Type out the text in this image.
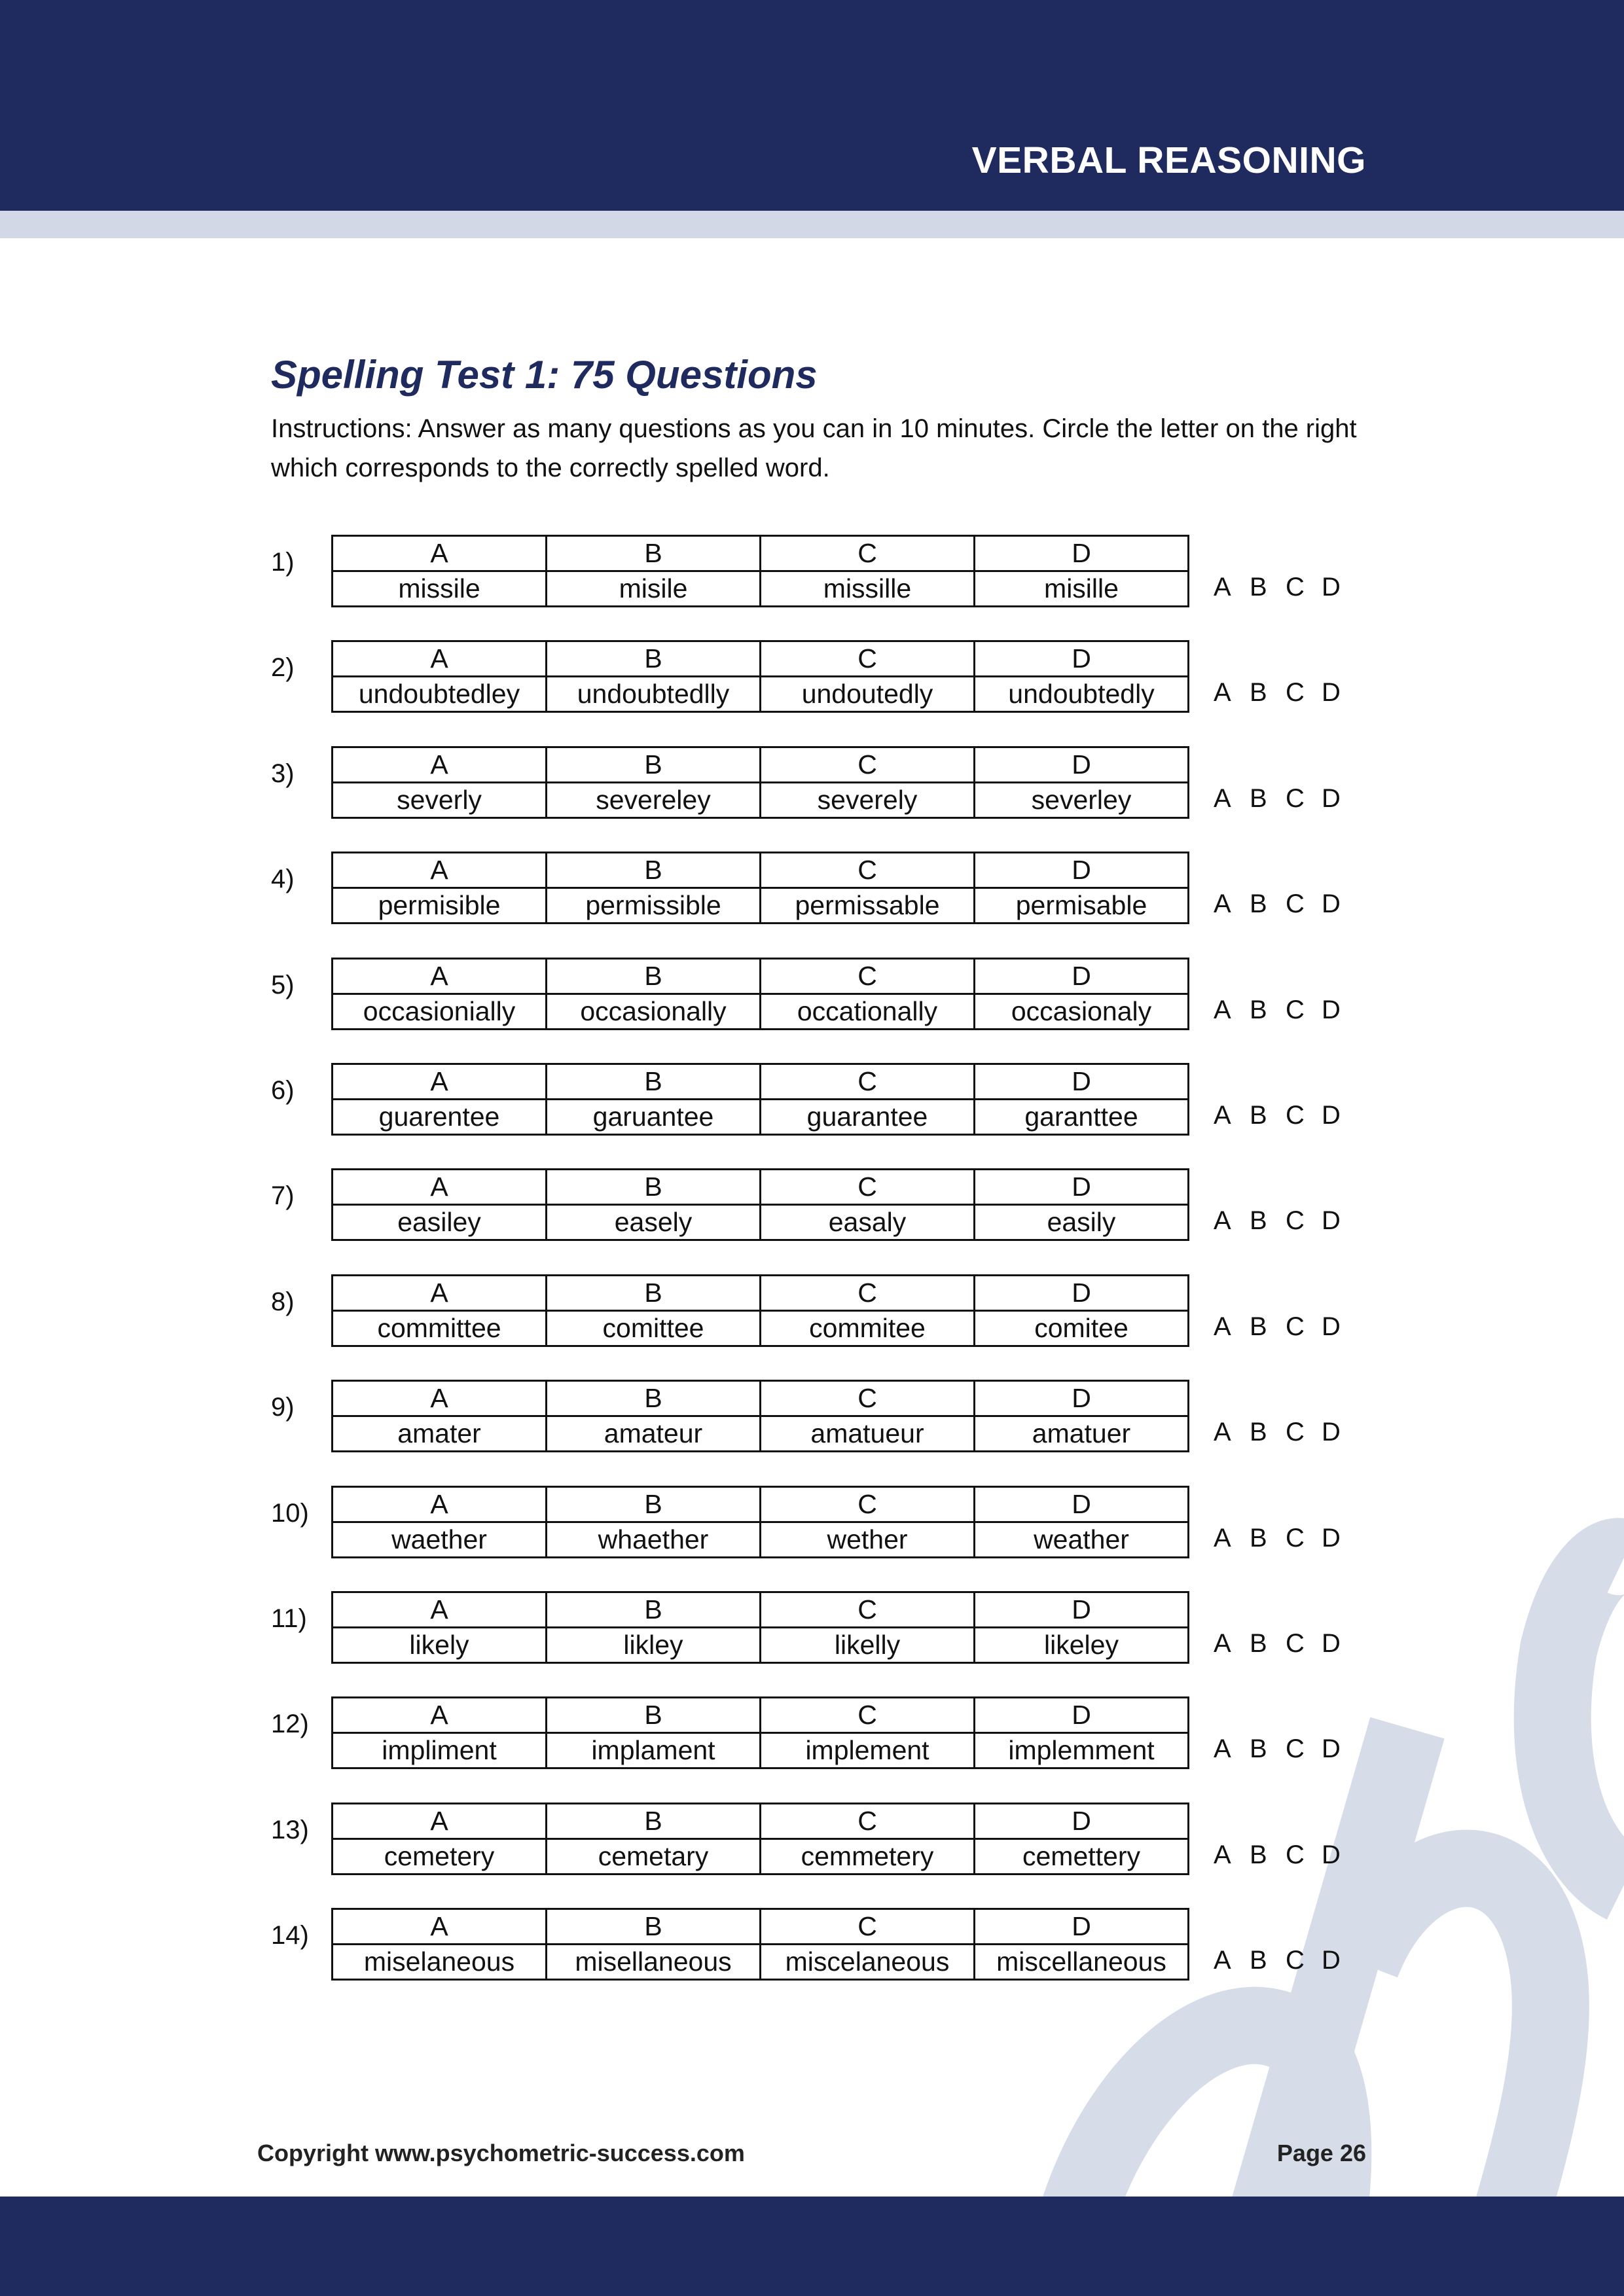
VERBAL REASONING
Spelling Test 1: 75 Questions
Instructions: Answer as many questions as you can in 10 minutes. Circle the letter on the right which corresponds to the correctly spelled word.
1)	A	B	C	D
missile	misile	missille	misille	A B C D
2)	A	B	C	D
undoubtedley	undoubtedlly	undoutedly	undoubtedly A B C D
3)	A	B	C	D
severly	severeley	severely	severley	A B C D
4)	A	B	C	D
permisible	permissible	permissable	permisable	A B C D
5)	A	B	C	D
occasionially	occasionally	occationally	occasionaly A B C D
6)	A	B	C	D
guarentee	garuantee	guarantee	garanttee	A B C D
7)	A	B	C	D
easiley	easely	easaly	easily	A B C D
8)	A	B	C	D
committee	comittee	commitee	comitee	A B C D
9)	A	B	C	D
amater	amateur	amatueur	amatuer	A B C D
10)	A	B	C	D
waether	whaether	wether	weather	A B C D
11)	A	B	C	D
likely	likley	likelly	likeley	A B C D
12)	A	B	C	D
impliment	implament	implement	implemment A B C D
13)	A	B	C	D
cemetery	cemetary	cemmetery	cemettery	A B C D
14)	A	B	C	D
miselaneous	misellaneous	miscelaneous	miscellaneous A B C D
Copyright www.psychometric-success.com	Page 26
